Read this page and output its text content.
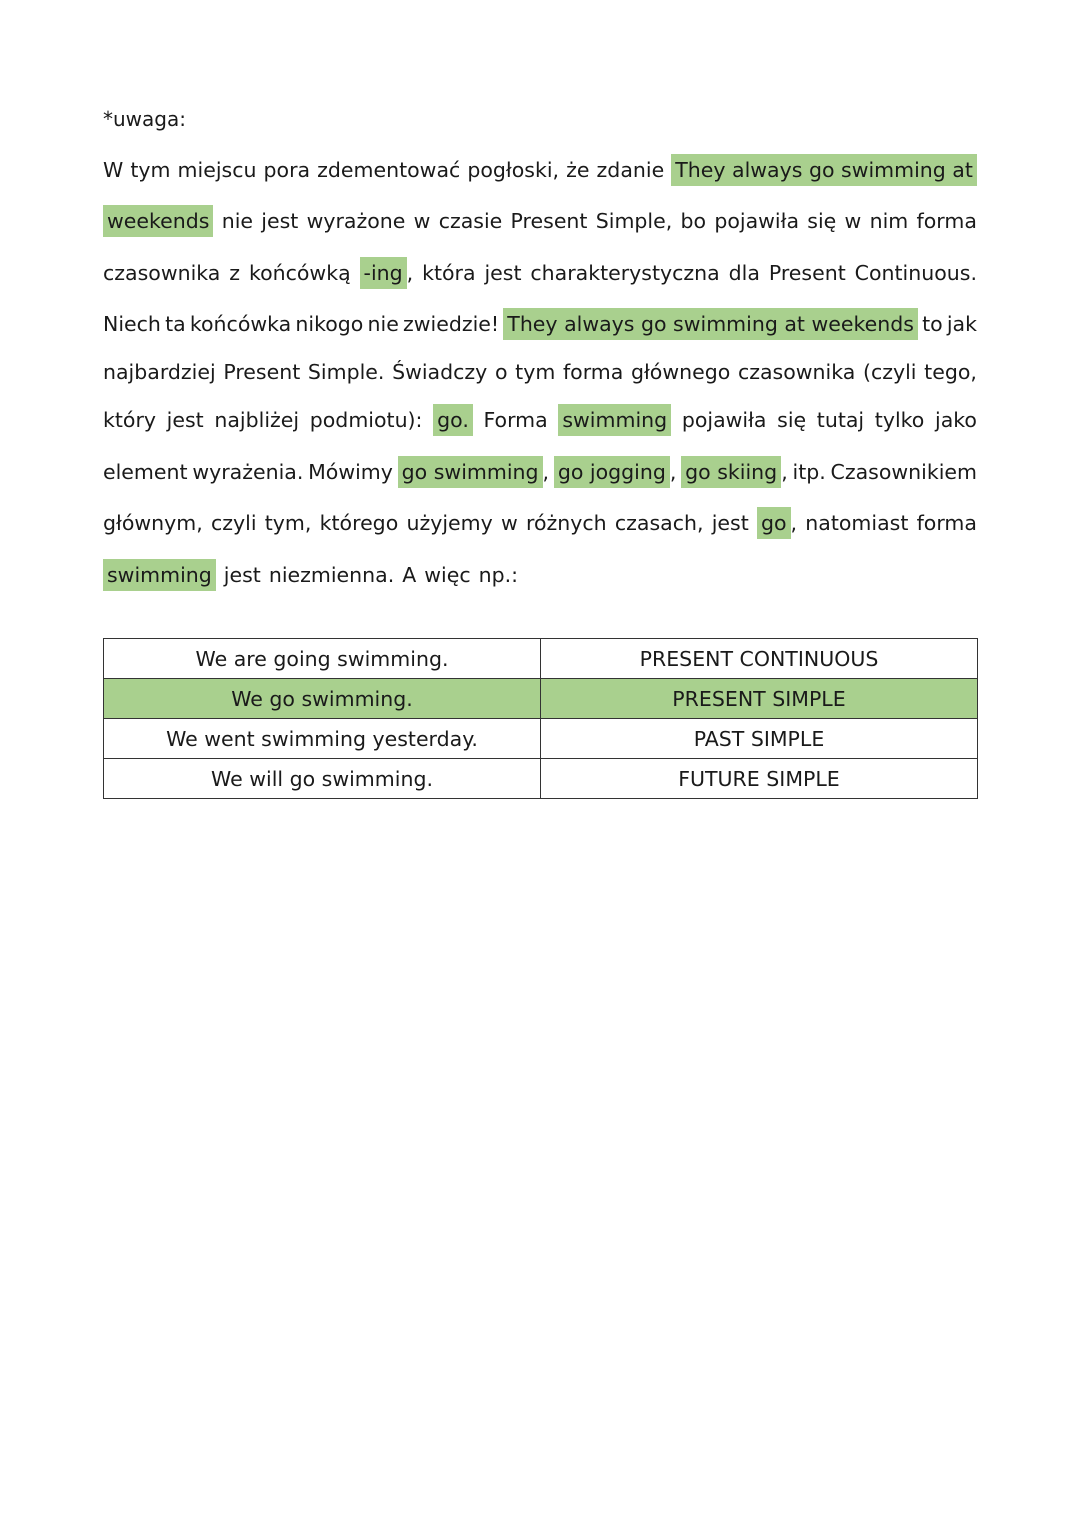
*uwaga:
W tym miejscu pora zdementować pogłoski, że zdanie They always go swimming at
weekends nie jest wyrażone w czasie Present Simple, bo pojawiła się w nim forma
czasownika z końcówką -ing , która jest charakterystyczna dla Present Continuous.
Niech ta końcówka nikogo nie zwiedzie! They always go swimming at weekends to jak
najbardziej Present Simple. Świadczy o tym forma głównego czasownika (czyli tego,
który jest najbliżej podmiotu): go. Forma swimming pojawiła się tutaj tylko jako
element wyrażenia. Mówimy go swimming , go jogging , go skiing , itp. Czasownikiem
głównym, czyli tym, którego użyjemy w różnych czasach, jest go , natomiast forma
swimming jest niezmienna. A więc np.:
We are going swimming.	PRESENT CONTINUOUS
We go swimming.	PRESENT SIMPLE
We went swimming yesterday.	PAST SIMPLE
We will go swimming.	FUTURE SIMPLE
